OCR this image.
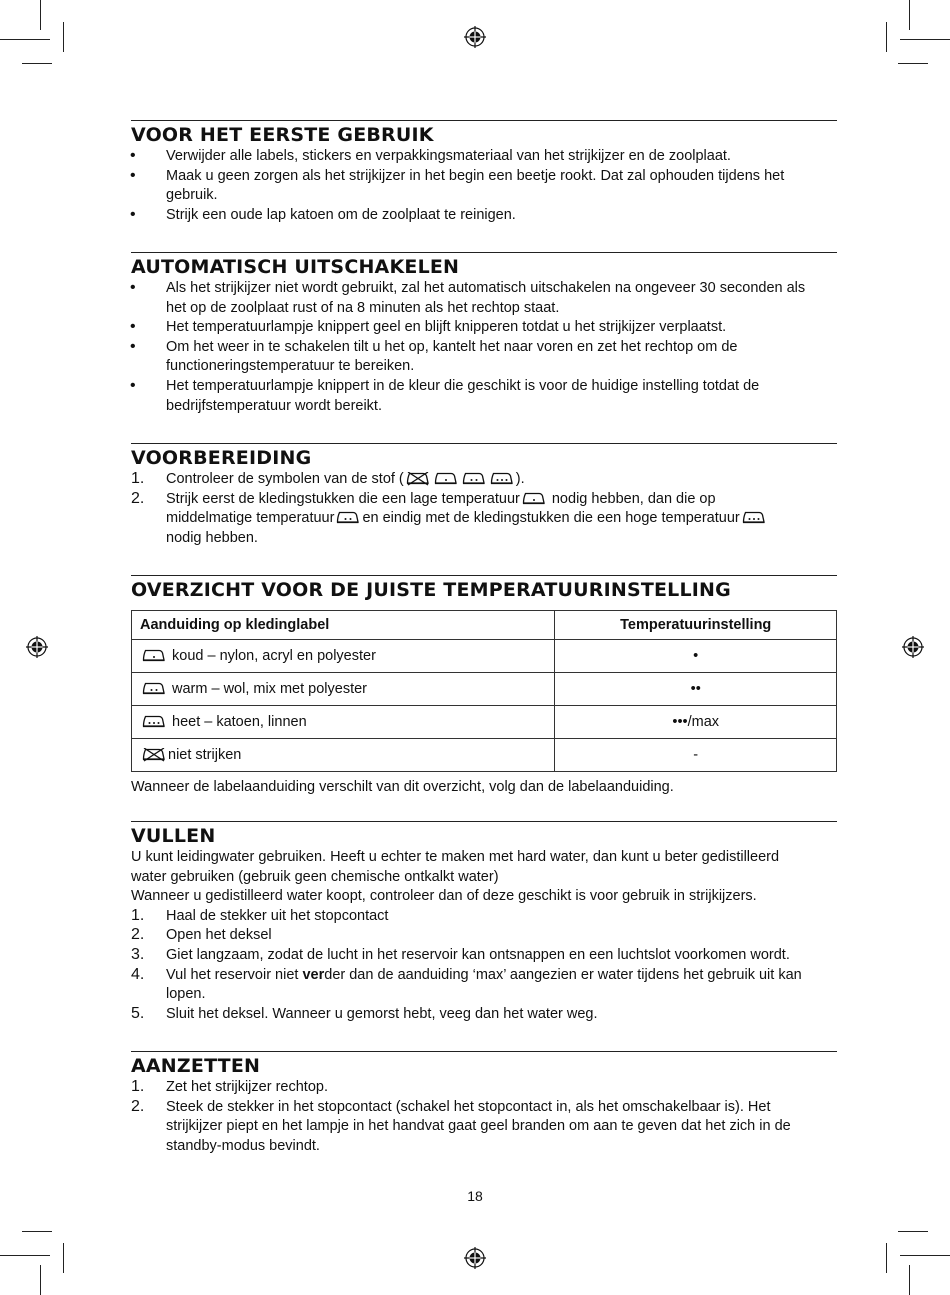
VOOR HET EERSTE GEBRUIK
• Verwijder alle labels, stickers en verpakkingsmateriaal van het strijkijzer en de zoolplaat.
• Maak u geen zorgen als het strijkijzer in het begin een beetje rookt. Dat zal ophouden tijdens het
gebruik.
• Strijk een oude lap katoen om de zoolplaat te reinigen.
AUTOMATISCH UITSCHAKELEN
• Als het strijkijzer niet wordt gebruikt, zal het automatisch uitschakelen na ongeveer 30 seconden als
het op de zoolplaat rust of na 8 minuten als het rechtop staat.
• Het temperatuurlampje knippert geel en blijft knipperen totdat u het strijkijzer verplaatst.
• Om het weer in te schakelen tilt u het op, kantelt het naar voren en zet het rechtop om de
functioneringstemperatuur te bereiken.
• Het temperatuurlampje knippert in de kleur die geschikt is voor de huidige instelling totdat de
bedrijfstemperatuur wordt bereikt.
VOORBEREIDING
1. Controleer de symbolen van de stof (	).
2. Strijk eerst de kledingstukken die een lage temperatuur nodig hebben, dan die op
middelmatige temperatuur en eindig met de kledingstukken die een hoge temperatuur
nodig hebben.
OVERZICHT VOOR DE JUISTE TEMPERATUURINSTELLING
Aanduiding op kledinglabel	Temperatuurinstelling
koud – nylon, acryl en polyester	•
warm – wol, mix met polyester	••
heet – katoen, linnen	•••/max
niet strijken	-
Wanneer de labelaanduiding verschilt van dit overzicht, volg dan de labelaanduiding.
VULLEN
U kunt leidingwater gebruiken. Heeft u echter te maken met hard water, dan kunt u beter gedistilleerd
water gebruiken (gebruik geen chemische ontkalkt water)
Wanneer u gedistilleerd water koopt, controleer dan of deze geschikt is voor gebruik in strijkijzers.
1. Haal de stekker uit het stopcontact
2. Open het deksel
3. Giet langzaam, zodat de lucht in het reservoir kan ontsnappen en een luchtslot voorkomen wordt.
4. Vul het reservoir niet verder dan de aanduiding ‘max’ aangezien er water tijdens het gebruik uit kan
lopen.
5. Sluit het deksel. Wanneer u gemorst hebt, veeg dan het water weg.
AANZETTEN
1. Zet het strijkijzer rechtop.
2. Steek de stekker in het stopcontact (schakel het stopcontact in, als het omschakelbaar is). Het
strijkijzer piept en het lampje in het handvat gaat geel branden om aan te geven dat het zich in de
standby-modus bevindt.
18
